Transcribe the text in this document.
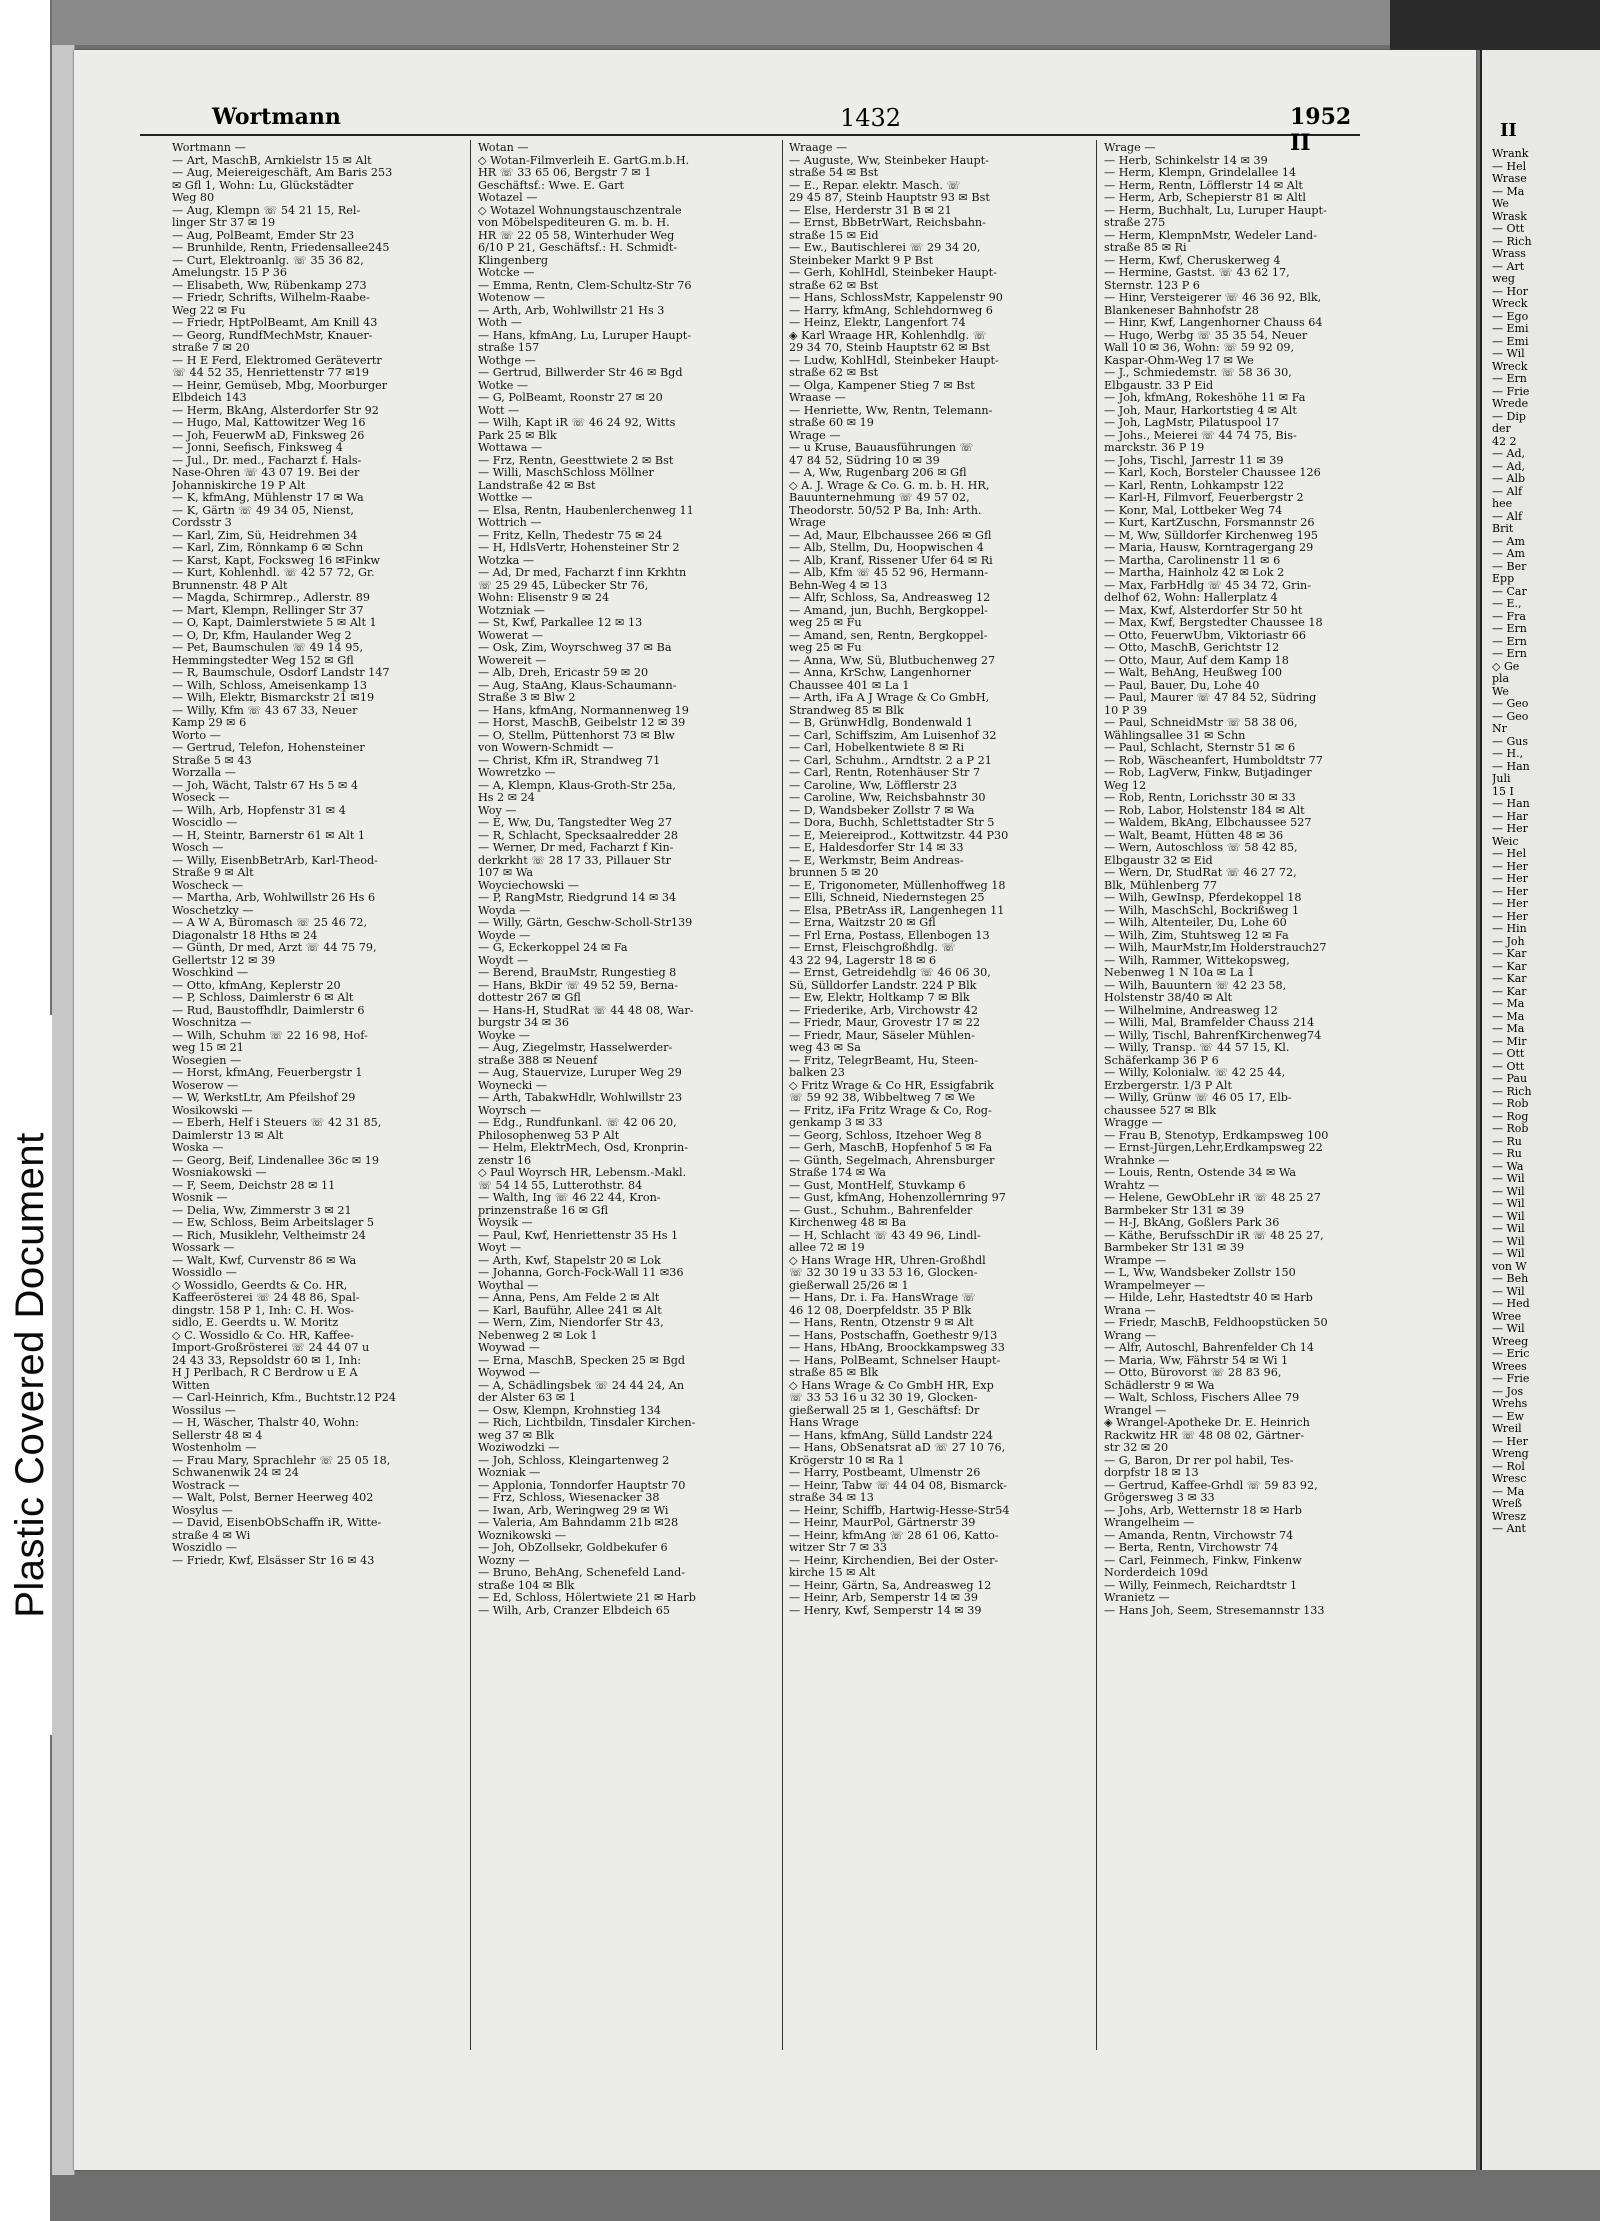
Plastic Covered Document
Wortmann	1432	1952 II
Wortmann —
— Art, MaschB, Arnkielstr 15 ✉ Alt
— Aug, Meiereigeschäft, Am Baris 253
✉ Gfl 1, Wohn: Lu, Glückstädter
Weg 80
— Aug, Klempn ☏ 54 21 15, Rel-
linger Str 37 ✉ 19
— Aug, PolBeamt, Emder Str 23
— Brunhilde, Rentn, Friedensallee245
— Curt, Elektroanlg. ☏ 35 36 82,
Amelungstr. 15 P 36
— Elisabeth, Ww, Rübenkamp 273
— Friedr, Schrifts, Wilhelm-Raabe-
Weg 22 ✉ Fu
— Friedr, HptPolBeamt, Am Knill 43
— Georg, RundfMechMstr, Knauer-
straße 7 ✉ 20
— H E Ferd, Elektromed Gerätevertr
☏ 44 52 35, Henriettenstr 77 ✉19
— Heinr, Gemüseb, Mbg, Moorburger
Elbdeich 143
— Herm, BkAng, Alsterdorfer Str 92
— Hugo, Mal, Kattowitzer Weg 16
— Joh, FeuerwM aD, Finksweg 26
— Jonni, Seefisch, Finksweg 4
— Jul., Dr. med., Facharzt f. Hals-
Nase-Ohren ☏ 43 07 19. Bei der
Johanniskirche 19 P Alt
— K, kfmAng, Mühlenstr 17 ✉ Wa
— K, Gärtn ☏ 49 34 05, Nienst,
Cordsstr 3
— Karl, Zim, Sü, Heidrehmen 34
— Karl, Zim, Rönnkamp 6 ✉ Schn
— Karst, Kapt, Focksweg 16 ✉Finkw
— Kurt, Kohlenhdl. ☏ 42 57 72, Gr.
Brunnenstr. 48 P Alt
— Magda, Schirmrep., Adlerstr. 89
— Mart, Klempn, Rellinger Str 37
— O, Kapt, Daimlerstwiete 5 ✉ Alt 1
— O, Dr, Kfm, Haulander Weg 2
— Pet, Baumschulen ☏ 49 14 95,
Hemmingstedter Weg 152 ✉ Gfl
— R, Baumschule, Osdorf Landstr 147
— Wilh, Schloss, Ameisenkamp 13
— Wilh, Elektr, Bismarckstr 21 ✉19
— Willy, Kfm ☏ 43 67 33, Neuer
Kamp 29 ✉ 6
Worto —
— Gertrud, Telefon, Hohensteiner
Straße 5 ✉ 43
Worzalla —
— Joh, Wächt, Talstr 67 Hs 5 ✉ 4
Woseck —
— Wilh, Arb, Hopfenstr 31 ✉ 4
Woscidlo —
— H, Steintr, Barnerstr 61 ✉ Alt 1
Wosch —
— Willy, EisenbBetrArb, Karl-Theod-
Straße 9 ✉ Alt
Woscheck —
— Martha, Arb, Wohlwillstr 26 Hs 6
Woschetzky —
— A W A, Büromasch ☏ 25 46 72,
Diagonalstr 18 Hths ✉ 24
— Günth, Dr med, Arzt ☏ 44 75 79,
Gellertstr 12 ✉ 39
Woschkind —
— Otto, kfmAng, Keplerstr 20
— P, Schloss, Daimlerstr 6 ✉ Alt
— Rud, Baustoffhdlr, Daimlerstr 6
Woschnitza —
— Wilh, Schuhm ☏ 22 16 98, Hof-
weg 15 ✉ 21
Wosegien —
— Horst, kfmAng, Feuerbergstr 1
Woserow —
— W, WerkstLtr, Am Pfeilshof 29
Wosikowski —
— Eberh, Helf i Steuers ☏ 42 31 85,
Daimlerstr 13 ✉ Alt
Woska —
— Georg, Beif, Lindenallee 36c ✉ 19
Wosniakowski —
— F, Seem, Deichstr 28 ✉ 11
Wosnik —
— Delia, Ww, Zimmerstr 3 ✉ 21
— Ew, Schloss, Beim Arbeitslager 5
— Rich, Musiklehr, Veltheimstr 24
Wossark —
— Walt, Kwf, Curvenstr 86 ✉ Wa
Wossidlo —
◇ Wossidlo, Geerdts & Co. HR,
Kaffeerösterei ☏ 24 48 86, Spal-
dingstr. 158 P 1, Inh: C. H. Wos-
sidlo, E. Geerdts u. W. Moritz
◇ C. Wossidlo & Co. HR, Kaffee-
Import-Großrösterei ☏ 24 44 07 u
24 43 33, Repsoldstr 60 ✉ 1, Inh:
H J Perlbach, R C Berdrow u E A
Witten
— Carl-Heinrich, Kfm., Buchtstr.12 P24
Wossilus —
— H, Wäscher, Thalstr 40, Wohn:
Sellerstr 48 ✉ 4
Wostenholm —
— Frau Mary, Sprachlehr ☏ 25 05 18,
Schwanenwik 24 ✉ 24
Wostrack —
— Walt, Polst, Berner Heerweg 402
Wosylus —
— David, EisenbObSchaffn iR, Witte-
straße 4 ✉ Wi
Woszidlo —
— Friedr, Kwf, Elsässer Str 16 ✉ 43
Wotan —
◇ Wotan-Filmverleih E. GartG.m.b.H.
HR ☏ 33 65 06, Bergstr 7 ✉ 1
Geschäftsf.: Wwe. E. Gart
Wotazel —
◇ Wotazel Wohnungstauschzentrale
von Möbelspediteuren G. m. b. H.
HR ☏ 22 05 58, Winterhuder Weg
6/10 P 21, Geschäftsf.: H. Schmidt-
Klingenberg
Wotcke —
— Emma, Rentn, Clem-Schultz-Str 76
Wotenow —
— Arth, Arb, Wohlwillstr 21 Hs 3
Woth —
— Hans, kfmAng, Lu, Luruper Haupt-
straße 157
Wothge —
— Gertrud, Billwerder Str 46 ✉ Bgd
Wotke —
— G, PolBeamt, Roonstr 27 ✉ 20
Wott —
— Wilh, Kapt iR ☏ 46 24 92, Witts
Park 25 ✉ Blk
Wottawa —
— Frz, Rentn, Geesttwiete 2 ✉ Bst
— Willi, MaschSchloss Möllner
Landstraße 42 ✉ Bst
Wottke —
— Elsa, Rentn, Haubenlerchenweg 11
Wottrich —
— Fritz, Kelln, Thedestr 75 ✉ 24
— H, HdlsVertr, Hohensteiner Str 2
Wotzka —
— Ad, Dr med, Facharzt f inn Krkhtn
☏ 25 29 45, Lübecker Str 76,
Wohn: Elisenstr 9 ✉ 24
Wotzniak —
— St, Kwf, Parkallee 12 ✉ 13
Wowerat —
— Osk, Zim, Woyrschweg 37 ✉ Ba
Wowereit —
— Alb, Dreh, Ericastr 59 ✉ 20
— Aug, StaAng, Klaus-Schaumann-
Straße 3 ✉ Blw 2
— Hans, kfmAng, Normannenweg 19
— Horst, MaschB, Geibelstr 12 ✉ 39
— O, Stellm, Püttenhorst 73 ✉ Blw
von Wowern-Schmidt —
— Christ, Kfm iR, Strandweg 71
Wowretzko —
— A, Klempn, Klaus-Groth-Str 25a,
Hs 2 ✉ 24
Woy —
— E, Ww, Du, Tangstedter Weg 27
— R, Schlacht, Specksaalredder 28
— Werner, Dr med, Facharzt f Kin-
derkrkht ☏ 28 17 33, Pillauer Str
107 ✉ Wa
Woyciechowski —
— P, RangMstr, Riedgrund 14 ✉ 34
Woyda —
— Willy, Gärtn, Geschw-Scholl-Str139
Woyde —
— G, Eckerkoppel 24 ✉ Fa
Woydt —
— Berend, BrauMstr, Rungestieg 8
— Hans, BkDir ☏ 49 52 59, Berna-
dottestr 267 ✉ Gfl
— Hans-H, StudRat ☏ 44 48 08, War-
burgstr 34 ✉ 36
Woyke —
— Aug, Ziegelmstr, Hasselwerder-
straße 388 ✉ Neuenf
— Aug, Stauervize, Luruper Weg 29
Woynecki —
— Arth, TabakwHdlr, Wohlwillstr 23
Woyrsch —
— Edg., Rundfunkanl. ☏ 42 06 20,
Philosophenweg 53 P Alt
— Helm, ElektrMech, Osd, Kronprin-
zenstr 16
◇ Paul Woyrsch HR, Lebensm.-Makl.
☏ 54 14 55, Lutterothstr. 84
— Walth, Ing ☏ 46 22 44, Kron-
prinzenstraße 16 ✉ Gfl
Woysik —
— Paul, Kwf, Henriettenstr 35 Hs 1
Woyt —
— Arth, Kwf, Stapelstr 20 ✉ Lok
— Johanna, Gorch-Fock-Wall 11 ✉36
Woythal —
— Anna, Pens, Am Felde 2 ✉ Alt
— Karl, Bauführ, Allee 241 ✉ Alt
— Wern, Zim, Niendorfer Str 43,
Nebenweg 2 ✉ Lok 1
Woywad —
— Erna, MaschB, Specken 25 ✉ Bgd
Woywod —
— A, Schädlingsbek ☏ 24 44 24, An
der Alster 63 ✉ 1
— Osw, Klempn, Krohnstieg 134
— Rich, Lichtbildn, Tinsdaler Kirchen-
weg 37 ✉ Blk
Woziwodzki —
— Joh, Schloss, Kleingartenweg 2
Wozniak —
— Applonia, Tonndorfer Hauptstr 70
— Frz, Schloss, Wiesenacker 38
— Iwan, Arb, Weringweg 29 ✉ Wi
— Valeria, Am Bahndamm 21b ✉28
Woznikowski —
— Joh, ObZollsekr, Goldbekufer 6
Wozny —
— Bruno, BehAng, Schenefeld Land-
straße 104 ✉ Blk
— Ed, Schloss, Hölertwiete 21 ✉ Harb
— Wilh, Arb, Cranzer Elbdeich 65
Wraage —
— Auguste, Ww, Steinbeker Haupt-
straße 54 ✉ Bst
— E., Repar. elektr. Masch. ☏
29 45 87, Steinb Hauptstr 93 ✉ Bst
— Else, Herderstr 31 B ✉ 21
— Ernst, BbBetrWart, Reichsbahn-
straße 15 ✉ Eid
— Ew., Bautischlerei ☏ 29 34 20,
Steinbeker Markt 9 P Bst
— Gerh, KohlHdl, Steinbeker Haupt-
straße 62 ✉ Bst
— Hans, SchlossMstr, Kappelenstr 90
— Harry, kfmAng, Schlehdornweg 6
— Heinz, Elektr, Langenfort 74
◈ Karl Wraage HR, Kohlenhdlg. ☏
29 34 70, Steinb Hauptstr 62 ✉ Bst
— Ludw, KohlHdl, Steinbeker Haupt-
straße 62 ✉ Bst
— Olga, Kampener Stieg 7 ✉ Bst
Wraase —
— Henriette, Ww, Rentn, Telemann-
straße 60 ✉ 19
Wrage —
— u Kruse, Bauausführungen ☏
47 84 52, Südring 10 ✉ 39
— A, Ww, Rugenbarg 206 ✉ Gfl
◇ A. J. Wrage & Co. G. m. b. H. HR,
Bauunternehmung ☏ 49 57 02,
Theodorstr. 50/52 P Ba, Inh: Arth.
Wrage
— Ad, Maur, Elbchaussee 266 ✉ Gfl
— Alb, Stellm, Du, Hoopwischen 4
— Alb, Kranf, Rissener Ufer 64 ✉ Ri
— Alb, Kfm ☏ 45 52 96, Hermann-
Behn-Weg 4 ✉ 13
— Alfr, Schloss, Sa, Andreasweg 12
— Amand, jun, Buchh, Bergkoppel-
weg 25 ✉ Fu
— Amand, sen, Rentn, Bergkoppel-
weg 25 ✉ Fu
— Anna, Ww, Sü, Blutbuchenweg 27
— Anna, KrSchw, Langenhorner
Chaussee 401 ✉ La 1
— Arth, iFa A J Wrage & Co GmbH,
Strandweg 85 ✉ Blk
— B, GrünwHdlg, Bondenwald 1
— Carl, Schiffszim, Am Luisenhof 32
— Carl, Hobelkentwiete 8 ✉ Ri
— Carl, Schuhm., Arndtstr. 2 a P 21
— Carl, Rentn, Rotenhäuser Str 7
— Caroline, Ww, Löfflerstr 23
— Caroline, Ww, Reichsbahnstr 30
— D, Wandsbeker Zollstr 7 ✉ Wa
— Dora, Buchh, Schlettstadter Str 5
— E, Meiereiprod., Kottwitzstr. 44 P30
— E, Haldesdorfer Str 14 ✉ 33
— E, Werkmstr, Beim Andreas-
brunnen 5 ✉ 20
— E, Trigonometer, Müllenhoffweg 18
— Elli, Schneid, Niedernstegen 25
— Elsa, PBetrAss iR, Langenhegen 11
— Erna, Waitzstr 20 ✉ Gfl
— Frl Erna, Postass, Ellenbogen 13
— Ernst, Fleischgroßhdlg. ☏
43 22 94, Lagerstr 18 ✉ 6
— Ernst, Getreidehdlg ☏ 46 06 30,
Sü, Sülldorfer Landstr. 224 P Blk
— Ew, Elektr, Holtkamp 7 ✉ Blk
— Friederike, Arb, Virchowstr 42
— Friedr, Maur, Grovestr 17 ✉ 22
— Friedr, Maur, Säseler Mühlen-
weg 43 ✉ Sa
— Fritz, TelegrBeamt, Hu, Steen-
balken 23
◇ Fritz Wrage & Co HR, Essigfabrik
☏ 59 92 38, Wibbeltweg 7 ✉ We
— Fritz, iFa Fritz Wrage & Co, Rog-
genkamp 3 ✉ 33
— Georg, Schloss, Itzehoer Weg 8
— Gerh, MaschB, Hopfenhof 5 ✉ Fa
— Günth, Segelmach, Ahrensburger
Straße 174 ✉ Wa
— Gust, MontHelf, Stuvkamp 6
— Gust, kfmAng, Hohenzollernring 97
— Gust., Schuhm., Bahrenfelder
Kirchenweg 48 ✉ Ba
— H, Schlacht ☏ 43 49 96, Lindl-
allee 72 ✉ 19
◇ Hans Wrage HR, Uhren-Großhdl
☏ 32 30 19 u 33 53 16, Glocken-
gießerwall 25/26 ✉ 1
— Hans, Dr. i. Fa. HansWrage ☏
46 12 08, Doerpfeldstr. 35 P Blk
— Hans, Rentn, Otzenstr 9 ✉ Alt
— Hans, Postschaffn, Goethestr 9/13
— Hans, HbAng, Broockkampsweg 33
— Hans, PolBeamt, Schnelser Haupt-
straße 85 ✉ Blk
◇ Hans Wrage & Co GmbH HR, Exp
☏ 33 53 16 u 32 30 19, Glocken-
gießerwall 25 ✉ 1, Geschäftsf: Dr
Hans Wrage
— Hans, kfmAng, Sülld Landstr 224
— Hans, ObSenatsrat aD ☏ 27 10 76,
Krögerstr 10 ✉ Ra 1
— Harry, Postbeamt, Ulmenstr 26
— Heinr, Tabw ☏ 44 04 08, Bismarck-
straße 34 ✉ 13
— Heinr, Schiffb, Hartwig-Hesse-Str54
— Heinr, MaurPol, Gärtnerstr 39
— Heinr, kfmAng ☏ 28 61 06, Katto-
witzer Str 7 ✉ 33
— Heinr, Kirchendien, Bei der Oster-
kirche 15 ✉ Alt
— Heinr, Gärtn, Sa, Andreasweg 12
— Heinr, Arb, Semperstr 14 ✉ 39
— Henry, Kwf, Semperstr 14 ✉ 39
Wrage —
— Herb, Schinkelstr 14 ✉ 39
— Herm, Klempn, Grindelallee 14
— Herm, Rentn, Löfflerstr 14 ✉ Alt
— Herm, Arb, Schepierstr 81 ✉ Altl
— Herm, Buchhalt, Lu, Luruper Haupt-
straße 275
— Herm, KlempnMstr, Wedeler Land-
straße 85 ✉ Ri
— Herm, Kwf, Cheruskerweg 4
— Hermine, Gastst. ☏ 43 62 17,
Sternstr. 123 P 6
— Hinr, Versteigerer ☏ 46 36 92, Blk,
Blankeneser Bahnhofstr 28
— Hinr, Kwf, Langenhorner Chauss 64
— Hugo, Werbg ☏ 35 35 54, Neuer
Wall 10 ✉ 36, Wohn: ☏ 59 92 09,
Kaspar-Ohm-Weg 17 ✉ We
— J., Schmiedemstr. ☏ 58 36 30,
Elbgaustr. 33 P Eid
— Joh, kfmAng, Rokeshöhe 11 ✉ Fa
— Joh, Maur, Harkortstieg 4 ✉ Alt
— Joh, LagMstr, Pilatuspool 17
— Johs., Meierei ☏ 44 74 75, Bis-
marckstr. 36 P 19
— Johs, Tischl, Jarrestr 11 ✉ 39
— Karl, Koch, Borsteler Chaussee 126
— Karl, Rentn, Lohkampstr 122
— Karl-H, Filmvorf, Feuerbergstr 2
— Konr, Mal, Lottbeker Weg 74
— Kurt, KartZuschn, Forsmannstr 26
— M, Ww, Sülldorfer Kirchenweg 195
— Maria, Hausw, Korntragergang 29
— Martha, Carolinenstr 11 ✉ 6
— Martha, Hainholz 42 ✉ Lok 2
— Max, FarbHdlg ☏ 45 34 72, Grin-
delhof 62, Wohn: Hallerplatz 4
— Max, Kwf, Alsterdorfer Str 50 ht
— Max, Kwf, Bergstedter Chaussee 18
— Otto, FeuerwUbm, Viktoriastr 66
— Otto, MaschB, Gerichtstr 12
— Otto, Maur, Auf dem Kamp 18
— Walt, BehAng, Heußweg 100
— Paul, Bauer, Du, Lohe 40
— Paul, Maurer ☏ 47 84 52, Südring
10 P 39
— Paul, SchneidMstr ☏ 58 38 06,
Wählingsallee 31 ✉ Schn
— Paul, Schlacht, Sternstr 51 ✉ 6
— Rob, Wäscheanfert, Humboldtstr 77
— Rob, LagVerw, Finkw, Butjadinger
Weg 12
— Rob, Rentn, Lorichsstr 30 ✉ 33
— Rob, Labor, Holstenstr 184 ✉ Alt
— Waldem, BkAng, Elbchaussee 527
— Walt, Beamt, Hütten 48 ✉ 36
— Wern, Autoschloss ☏ 58 42 85,
Elbgaustr 32 ✉ Eid
— Wern, Dr, StudRat ☏ 46 27 72,
Blk, Mühlenberg 77
— Wilh, GewInsp, Pferdekoppel 18
— Wilh, MaschSchl, Bockrißweg 1
— Wilh, Altenteiler, Du, Lohe 60
— Wilh, Zim, Stuhtsweg 12 ✉ Fa
— Wilh, MaurMstr,Im Holderstrauch27
— Wilh, Rammer, Wittekopsweg,
Nebenweg 1 N 10a ✉ La 1
— Wilh, Bauuntern ☏ 42 23 58,
Holstenstr 38/40 ✉ Alt
— Wilhelmine, Andreasweg 12
— Willi, Mal, Bramfelder Chauss 214
— Willy, Tischl, BahrenfKirchenweg74
— Willy, Transp. ☏ 44 57 15, Kl.
Schäferkamp 36 P 6
— Willy, Kolonialw. ☏ 42 25 44,
Erzbergerstr. 1/3 P Alt
— Willy, Grünw ☏ 46 05 17, Elb-
chaussee 527 ✉ Blk
Wragge —
— Frau B, Stenotyp, Erdkampsweg 100
— Ernst-Jürgen,Lehr,Erdkampsweg 22
Wrahnke —
— Louis, Rentn, Ostende 34 ✉ Wa
Wrahtz —
— Helene, GewObLehr iR ☏ 48 25 27
Barmbeker Str 131 ✉ 39
— H-J, BkAng, Goßlers Park 36
— Käthe, BerufsschDir iR ☏ 48 25 27,
Barmbeker Str 131 ✉ 39
Wrampe —
— L, Ww, Wandsbeker Zollstr 150
Wrampelmeyer —
— Hilde, Lehr, Hastedtstr 40 ✉ Harb
Wrana —
— Friedr, MaschB, Feldhoopstücken 50
Wrang —
— Alfr, Autoschl, Bahrenfelder Ch 14
— Maria, Ww, Fährstr 54 ✉ Wi 1
— Otto, Bürovorst ☏ 28 83 96,
Schädlerstr 9 ✉ Wa
— Walt, Schloss, Fischers Allee 79
Wrangel —
◈ Wrangel-Apotheke Dr. E. Heinrich
Rackwitz HR ☏ 48 08 02, Gärtner-
str 32 ✉ 20
— G, Baron, Dr rer pol habil, Tes-
dorpfstr 18 ✉ 13
— Gertrud, Kaffee-Grhdl ☏ 59 83 92,
Grögersweg 3 ✉ 33
— Johs, Arb, Wetternstr 18 ✉ Harb
Wrangelheim —
— Amanda, Rentn, Virchowstr 74
— Berta, Rentn, Virchowstr 74
— Carl, Feinmech, Finkw, Finkenw
Norderdeich 109d
— Willy, Feinmech, Reichardtstr 1
Wranietz —
— Hans Joh, Seem, Stresemannstr 133
II
Wrank
— Hel
Wrase
— Ma
We
Wrask
— Ott
— Rich
Wrass
— Art
weg
— Hor
Wreck
— Ego
— Emi
— Emi
— Wil
Wreck
— Ern
— Frie
Wrede
— Dip
der
42 2
— Ad,
— Ad,
— Alb
— Alf
hee
— Alf
Brit
— Am
— Am
— Ber
Epp
— Car
— E.,
— Fra
— Ern
— Ern
— Ern
◇ Ge
pla
We
— Geo
— Geo
Nr
— Gus
— H.,
— Han
Juli
15 I
— Han
— Har
— Her
Weic
— Hel
— Her
— Her
— Her
— Her
— Her
— Hin
— Joh
— Kar
— Kar
— Kar
— Kar
— Ma
— Ma
— Ma
— Mir
— Ott
— Ott
— Pau
— Rich
— Rob
— Rog
— Rob
— Ru
— Ru
— Wa
— Wil
— Wil
— Wil
— Wil
— Wil
— Wil
— Wil
von W
— Beh
— Wil
— Hed
Wree
— Wil
Wreeg
— Eric
Wrees
— Frie
— Jos
Wrehs
— Ew
Wreil
— Her
Wreng
— Rol
Wresc
— Ma
Wreß
Wresz
— Ant
